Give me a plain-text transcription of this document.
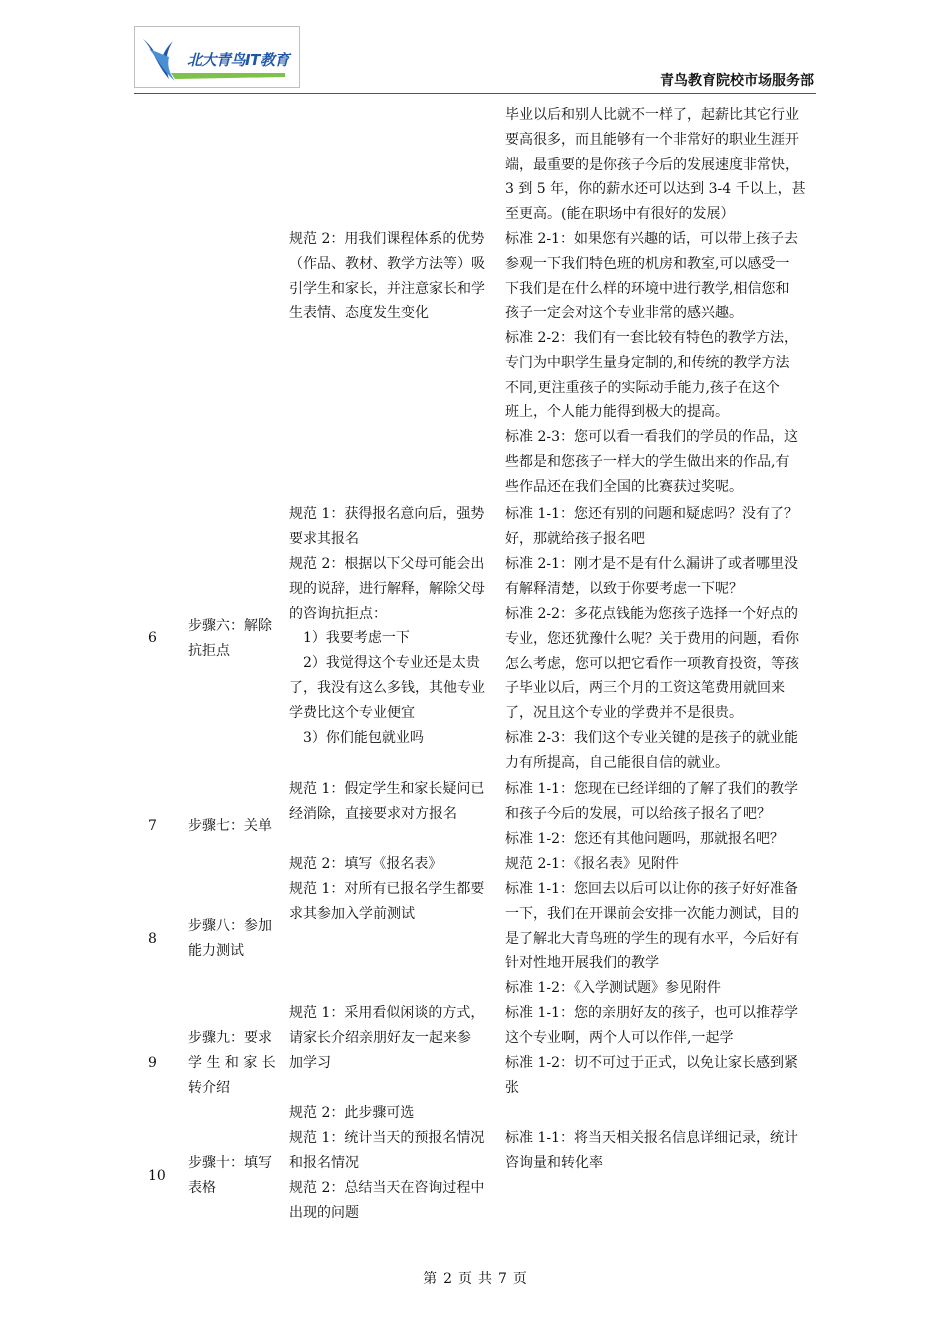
北大青鸟IT教育
青鸟教育院校市场服务部
毕业以后和别人比就不一样了，起薪比其它行业
要高很多，而且能够有一个非常好的职业生涯开
端，最重要的是你孩子今后的发展速度非常快，
3 到 5 年，你的薪水还可以达到 3-4 千以上，甚
至更高。(能在职场中有很好的发展）
规范 2：用我们课程体系的优势
（作品、教材、教学方法等）吸
引学生和家长，并注意家长和学
生表情、态度发生变化
标准 2-1：如果您有兴趣的话，可以带上孩子去
参观一下我们特色班的机房和教室,可以感受一
下我们是在什么样的环境中进行教学,相信您和
孩子一定会对这个专业非常的感兴趣。
标准 2-2：我们有一套比较有特色的教学方法，
专门为中职学生量身定制的,和传统的教学方法
不同,更注重孩子的实际动手能力,孩子在这个
班上，个人能力能得到极大的提高。
标准 2-3：您可以看一看我们的学员的作品，这
些都是和您孩子一样大的学生做出来的作品,有
些作品还在我们全国的比赛获过奖呢。
6
步骤六：解除
抗拒点
规范 1：获得报名意向后，强势
要求其报名
标准 1-1：您还有别的问题和疑虑吗？没有了？
好，那就给孩子报名吧
规范 2：根据以下父母可能会出
现的说辞，进行解释，解除父母
的咨询抗拒点：
　1）我要考虑一下
　2）我觉得这个专业还是太贵
了，我没有这么多钱，其他专业
学费比这个专业便宜
　3）你们能包就业吗
标准 2-1：刚才是不是有什么漏讲了或者哪里没
有解释清楚，以致于你要考虑一下呢？
标准 2-2：多花点钱能为您孩子选择一个好点的
专业，您还犹豫什么呢？关于费用的问题，看你
怎么考虑，您可以把它看作一项教育投资，等孩
子毕业以后，两三个月的工资这笔费用就回来
了，况且这个专业的学费并不是很贵。
标准 2-3：我们这个专业关键的是孩子的就业能
力有所提高，自己能很自信的就业。
7 步骤七：关单
规范 1：假定学生和家长疑问已
经消除，直接要求对方报名
标准 1-1：您现在已经详细的了解了我们的教学
和孩子今后的发展，可以给孩子报名了吧？
标准 1-2：您还有其他问题吗，那就报名吧？
规范 2：填写《报名表》	规范 2-1：《报名表》见附件
8
步骤八：参加
能力测试
规范 1：对所有已报名学生都要
求其参加入学前测试
标准 1-1：您回去以后可以让你的孩子好好准备
一下，我们在开课前会安排一次能力测试，目的
是了解北大青鸟班的学生的现有水平，今后好有
针对性地开展我们的教学
标准 1-2：《入学测试题》参见附件
9
步骤九：要求
学 生 和 家 长
转介绍
规范 1：采用看似闲谈的方式，
请家长介绍亲朋好友一起来参
加学习
标准 1-1：您的亲朋好友的孩子，也可以推荐学
这个专业啊，两个人可以作伴,一起学
标准 1-2：切不可过于正式，以免让家长感到紧
张
规范 2：此步骤可选
10
步骤十：填写
表格
规范 1：统计当天的预报名情况
和报名情况
标准 1-1：将当天相关报名信息详细记录，统计
咨询量和转化率
规范 2：总结当天在咨询过程中
出现的问题
第 2 页 共 7 页
